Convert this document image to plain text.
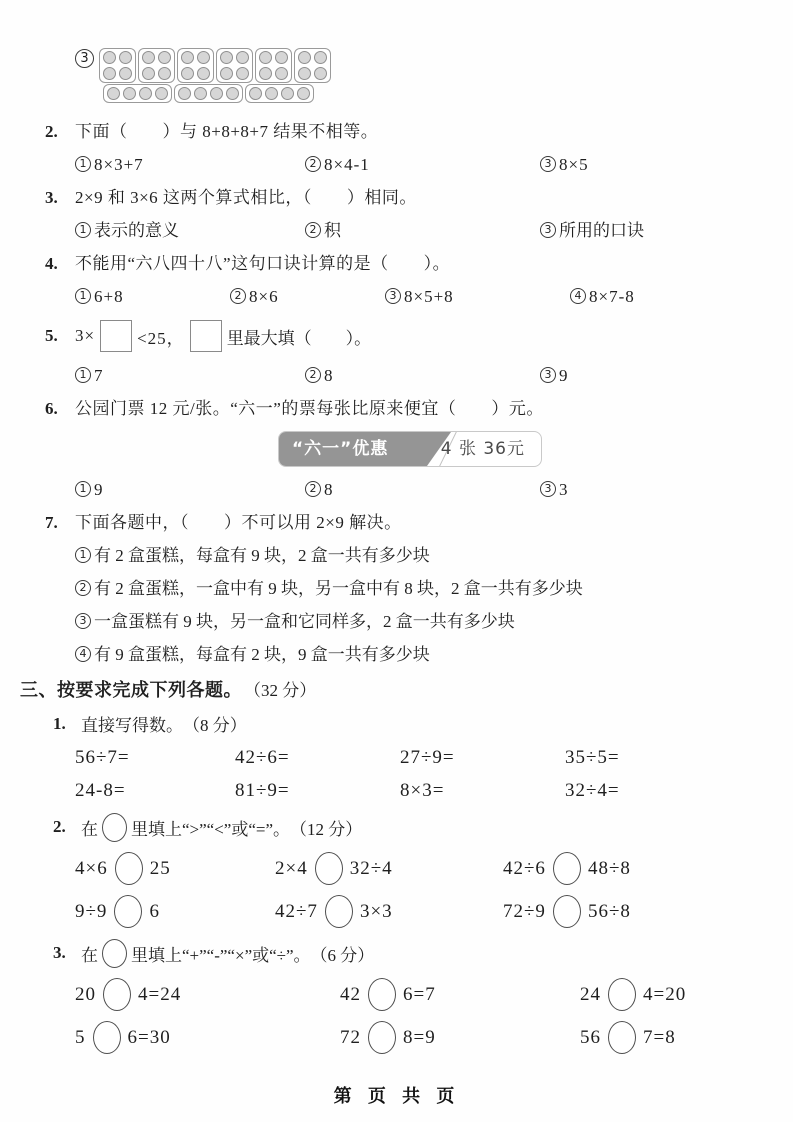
3
2.	下面（　　）与 8+8+8+7 结果不相等。
1 8×3+7	2 8×4-1	3 8×5
3.	2×9 和 3×6 这两个算式相比，（　　）相同。
1 表示的意义	2 积	3 所用的口诀
4.	不能用“六八四十八”这句口诀计算的是（　　）。
1 6+8	2 8×6	3 8×5+8	4 8×7-8
5.	3× <25， 里最大填（　　）。
1 7	2 8	3 9
6.	公园门票 12 元/张。“六一”的票每张比原来便宜（　　）元。
“六一”优惠	4 张 36元
1 9	2 8	3 3
7.	下面各题中，（　　）不可以用 2×9 解决。
1 有 2 盒蛋糕，每盒有 9 块，2 盒一共有多少块
2 有 2 盒蛋糕，一盒中有 9 块，另一盒中有 8 块，2 盒一共有多少块
3 一盒蛋糕有 9 块，另一盒和它同样多，2 盒一共有多少块
4 有 9 盒蛋糕，每盒有 2 块，9 盒一共有多少块
三、 按要求完成下列各题。 （32 分）
1. 直接写得数。 （8 分）
56÷7=	42÷6=	27÷9=	35÷5=
24-8=	81÷9=	8×3=	32÷4=
2. 在 里填上“>”“<”或“=”。 （12 分）
4×6 25	2×4 32÷4	42÷6 48÷8
9÷9 6	42÷7 3×3	72÷9 56÷8
3. 在 里填上“+”“-”“×”或“÷”。 （6 分）
20 4=24	42 6=7	24 4=20
5 6=30	72 8=9	56 7=8
第 页 共 页
